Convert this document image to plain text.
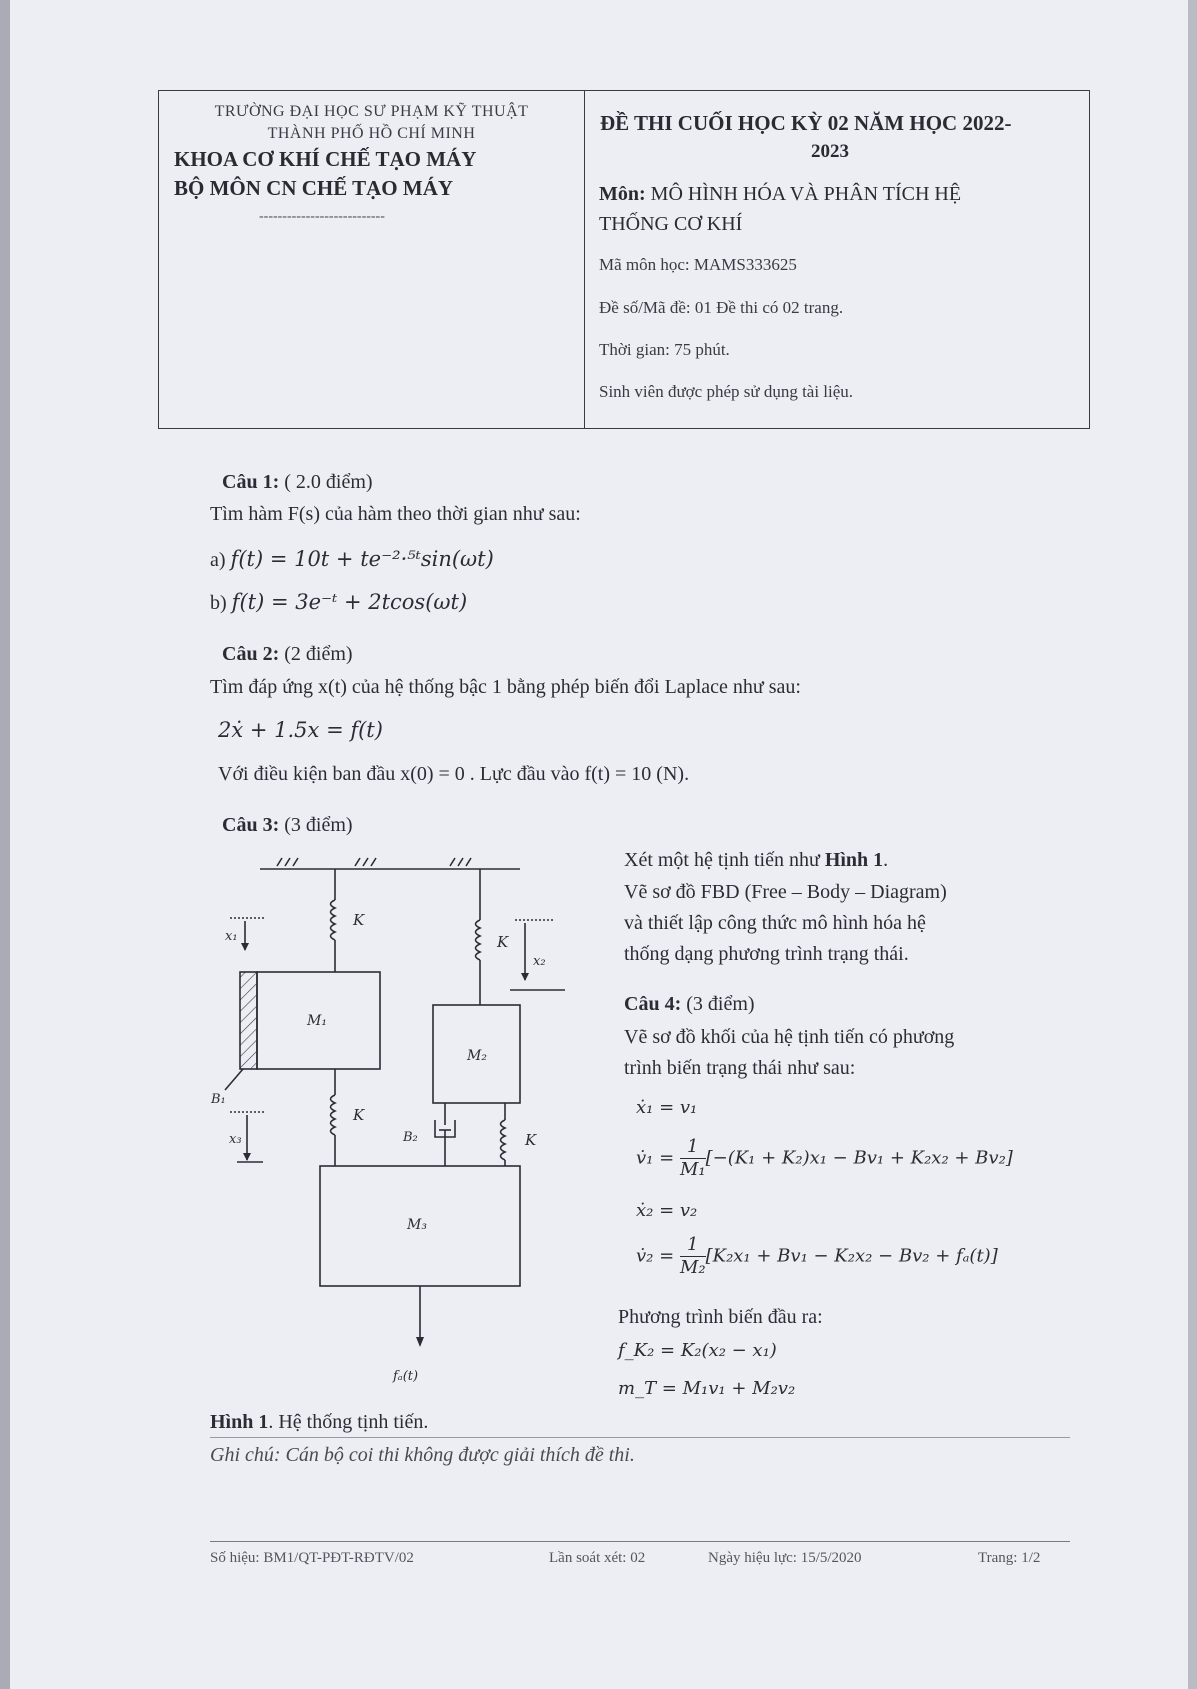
TRƯỜNG ĐẠI HỌC SƯ PHẠM KỸ THUẬT
THÀNH PHỐ HỒ CHÍ MINH
KHOA CƠ KHÍ CHẾ TẠO MÁY
BỘ MÔN CN CHẾ TẠO MÁY
---------------------------
ĐỀ THI CUỐI HỌC KỲ 02 NĂM HỌC 2022-
2023
Môn: MÔ HÌNH HÓA VÀ PHÂN TÍCH HỆ
THỐNG CƠ KHÍ
Mã môn học: MAMS333625
Đề số/Mã đề: 01 Đề thi có 02 trang.
Thời gian: 75 phút.
Sinh viên được phép sử dụng tài liệu.
Câu 1: ( 2.0 điểm)
Tìm hàm F(s) của hàm theo thời gian như sau:
a) f(t) = 10t + te⁻²·⁵ᵗsin(ωt)
b) f(t) = 3e⁻ᵗ + 2tcos(ωt)
Câu 2: (2 điểm)
Tìm đáp ứng x(t) của hệ thống bậc 1 bằng phép biến đổi Laplace như sau:
2ẋ + 1.5x = f(t)
Với điều kiện ban đầu x(0) = 0 . Lực đầu vào f(t) = 10 (N).
Câu 3: (3 điểm)
Xét một hệ tịnh tiến như Hình 1.
Vẽ sơ đồ FBD (Free – Body – Diagram)
và thiết lập công thức mô hình hóa hệ
thống dạng phương trình trạng thái.
Câu 4: (3 điểm)
Vẽ sơ đồ khối của hệ tịnh tiến có phương
trình biến trạng thái như sau:
ẋ₁ = v₁
v̇₁ = $\frac{1}{\text{M₁}} [-(K_1 + K_2)x_1 - Bv_1 + K_2x_2 + Bv_2]$
ẋ₂ = v₂
v̇₂ = $\frac{1}{\text{M₂}} [K_2x_1 + Bv_1 - K_2x_2 - Bv_2 + f_a(t)]$
Phương trình biến đầu ra:
f_K₂ = K₂(x₂ − x₁)
m_T = M₁v₁ + M₂v₂
K
K
K
K
M₁
M₂
M₃
x₁
x₂
x₃
B₁
B₂
fₐ(t)
Hình 1. Hệ thống tịnh tiến.
Ghi chú: Cán bộ coi thi không được giải thích đề thi.
Số hiệu: BM1/QT-PĐT-RĐTV/02	Lần soát xét: 02	Ngày hiệu lực: 15/5/2020	Trang: 1/2
